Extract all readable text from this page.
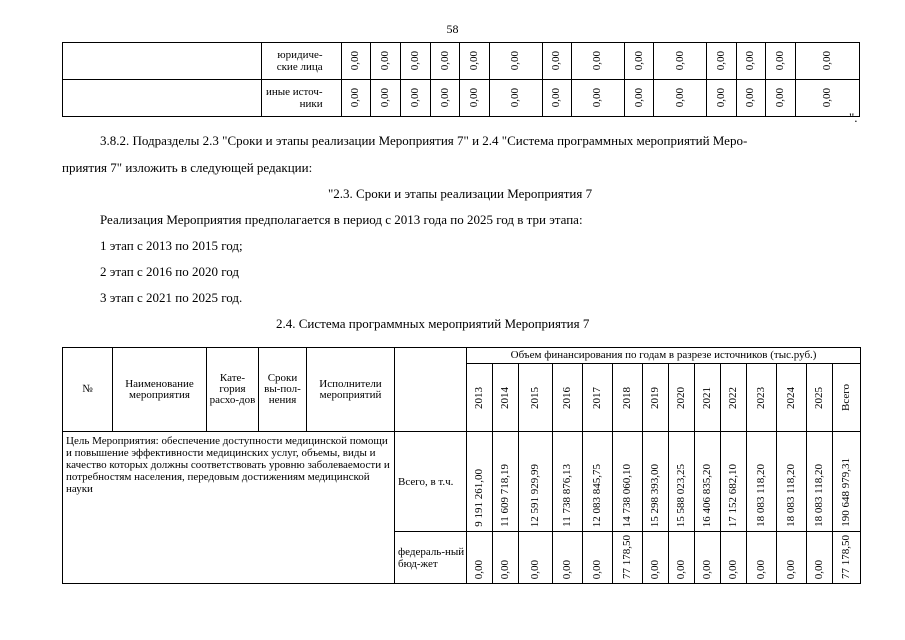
58
	юридиче-ские лица	0,00	0,00	0,00	0,00	0,00	0,00	0,00	0,00	0,00	0,00	0,00	0,00	0,00	0,00

	иные источ-ники	0,00	0,00	0,00	0,00	0,00	0,00	0,00	0,00	0,00	0,00	0,00	0,00	0,00	0,00
".
3.8.2. Подразделы 2.3 "Сроки и этапы реализации Мероприятия 7" и 2.4 "Система программных мероприятий Меро-
приятия 7" изложить в следующей редакции:
"2.3. Сроки и этапы реализации Мероприятия 7
Реализация Мероприятия предполагается в период с 2013 года по 2025 год в три этапа:
1 этап с 2013 по 2015 год;
2 этап с 2016 по 2020 год
3 этап с 2021 по 2025 год.
2.4. Система программных мероприятий Мероприятия 7
№	Наименование мероприятия	Кате-гория расхо-дов	Сроки вы-пол-нения	Исполнители мероприятий		Объем финансирования по годам в разрезе источников (тыс.руб.)													

						2013	2014	2015	2016	2017	2018	2019	2020	2021	2022	2023	2024	2025	Всего

Цель Мероприятия: обеспечение доступности медицинской помощи и повышение эффективности медицинских услуг, объемы, виды и качество которых должны соответствовать уровню заболеваемости и потребностям населения, передовым достижениям медицинской науки					Всего, в т.ч.	9 191 261,00	11 609 718,19	12 591 929,99	11 738 876,13	12 083 845,75	14 738 060,10	15 298 393,00	15 588 023,25	16 406 835,20	17 152 682,10	18 083 118,20	18 083 118,20	18 083 118,20	190 648 979,31

					федераль-ный бюд-жет	0,00	0,00	0,00	0,00	0,00	77 178,50	0,00	0,00	0,00	0,00	0,00	0,00	0,00	77 178,50
